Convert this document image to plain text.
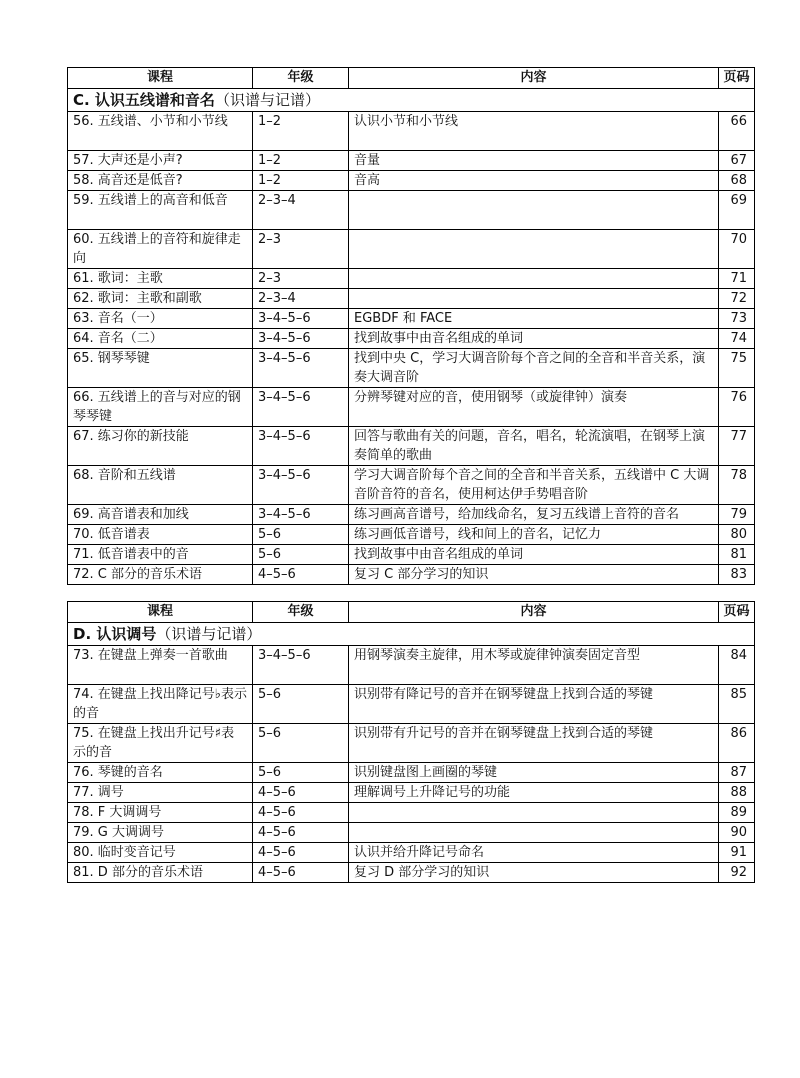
课程	年级	内容	页码
C. 认识五线谱和音名（识谱与记谱）			
56. 五线谱、小节和小节线	1–2	认识小节和小节线	66
57. 大声还是小声?	1–2	音量	67
58. 高音还是低音?	1–2	音高	68
59. 五线谱上的高音和低音	2–3–4		69
60. 五线谱上的音符和旋律走向	2–3		70
61. 歌词：主歌	2–3		71
62. 歌词：主歌和副歌	2–3–4		72
63. 音名（一）	3–4–5–6	EGBDF 和 FACE	73
64. 音名（二）	3–4–5–6	找到故事中由音名组成的单词	74
65. 钢琴琴键	3–4–5–6	找到中央 C，学习大调音阶每个音之间的全音和半音关系，演奏大调音阶	75
66. 五线谱上的音与对应的钢琴琴键	3–4–5–6	分辨琴键对应的音，使用钢琴（或旋律钟）演奏	76
67. 练习你的新技能	3–4–5–6	回答与歌曲有关的问题，音名，唱名，轮流演唱，在钢琴上演奏简单的歌曲	77
68. 音阶和五线谱	3–4–5–6	学习大调音阶每个音之间的全音和半音关系，五线谱中 C 大调音阶音符的音名，使用柯达伊手势唱音阶	78
69. 高音谱表和加线	3–4–5–6	练习画高音谱号，给加线命名，复习五线谱上音符的音名	79
70. 低音谱表	5–6	练习画低音谱号，线和间上的音名，记忆力	80
71. 低音谱表中的音	5–6	找到故事中由音名组成的单词	81
72. C 部分的音乐术语	4–5–6	复习 C 部分学习的知识	83
课程	年级	内容	页码
D. 认识调号（识谱与记谱）			
73. 在键盘上弹奏一首歌曲	3–4–5–6	用钢琴演奏主旋律，用木琴或旋律钟演奏固定音型	84
74. 在键盘上找出降记号♭表示的音	5–6	识别带有降记号的音并在钢琴键盘上找到合适的琴键	85
75. 在键盘上找出升记号♯表示的音	5–6	识别带有升记号的音并在钢琴键盘上找到合适的琴键	86
76. 琴键的音名	5–6	识别键盘图上画圈的琴键	87
77. 调号	4–5–6	理解调号上升降记号的功能	88
78. F 大调调号	4–5–6		89
79. G 大调调号	4–5–6		90
80. 临时变音记号	4–5–6	认识并给升降记号命名	91
81. D 部分的音乐术语	4–5–6	复习 D 部分学习的知识	92
